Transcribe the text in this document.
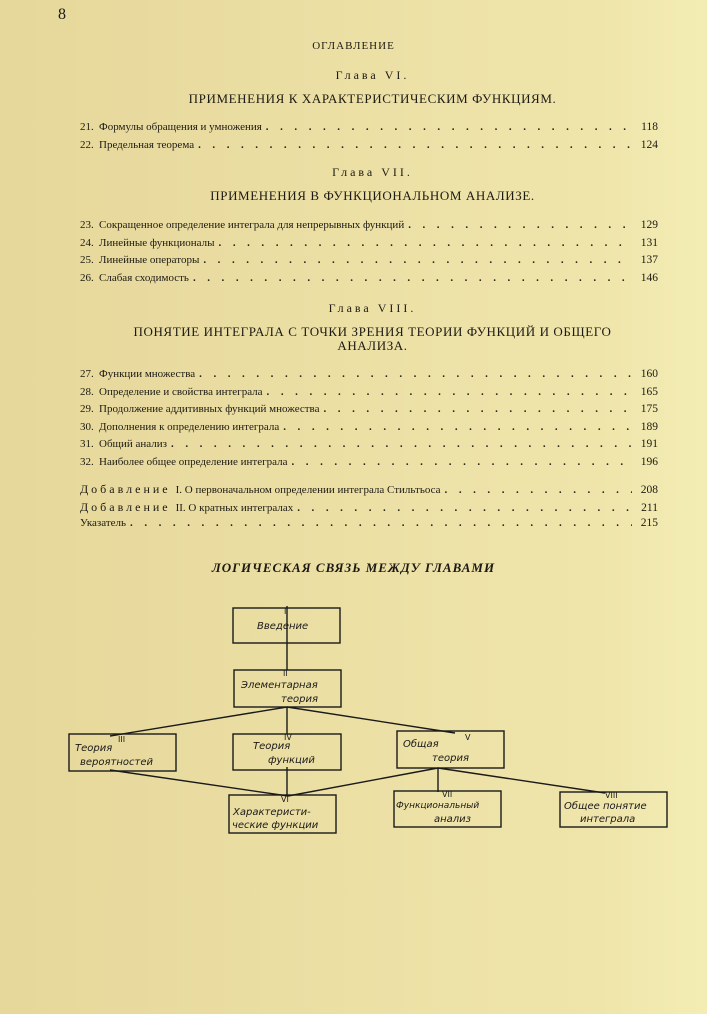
8
ОГЛАВЛЕНИЕ
Глава VI.
ПРИМЕНЕНИЯ К ХАРАКТЕРИСТИЧЕСКИМ ФУНКЦИЯМ.
21. Формулы обращения и умножения . . .	118
22. Предельная теорема . . .	124
Глава VII.
ПРИМЕНЕНИЯ В ФУНКЦИОНАЛЬНОМ АНАЛИЗЕ.
23. Сокращенное определение интеграла для непрерывных функций . . .	129
24. Линейные функционалы . . .	131
25. Линейные операторы . . .	137
26. Слабая сходимость . . .	146
Глава VIII.
ПОНЯТИЕ ИНТЕГРАЛА С ТОЧКИ ЗРЕНИЯ ТЕОРИИ ФУНКЦИЙ И ОБЩЕГО
АНАЛИЗА.
27. Функции множества . . .	160
28. Определение и свойства интеграла . . .	165
29. Продолжение аддитивных функций множества . . .	175
30. Дополнения к определению интеграла . . .	189
31. Общий анализ . . .	191
32. Наиболее общее определение интеграла . . .	196
Добавление I. О первоначальном определении интеграла Стильтьоса . . .	208
Добавление II. О кратных интегралах . . .	211
Указатель . . .	215
ЛОГИЧЕСКАЯ СВЯЗЬ МЕЖДУ ГЛАВАМИ
I
II
III	IV	V
VI
VII	VIII
Введение
Элементарная
теория
Теория
вероятностей
Теория
функций
Общая
теория
Характеристи-
ческие функции
Функциональный
анализ
Общее понятие
интеграла
